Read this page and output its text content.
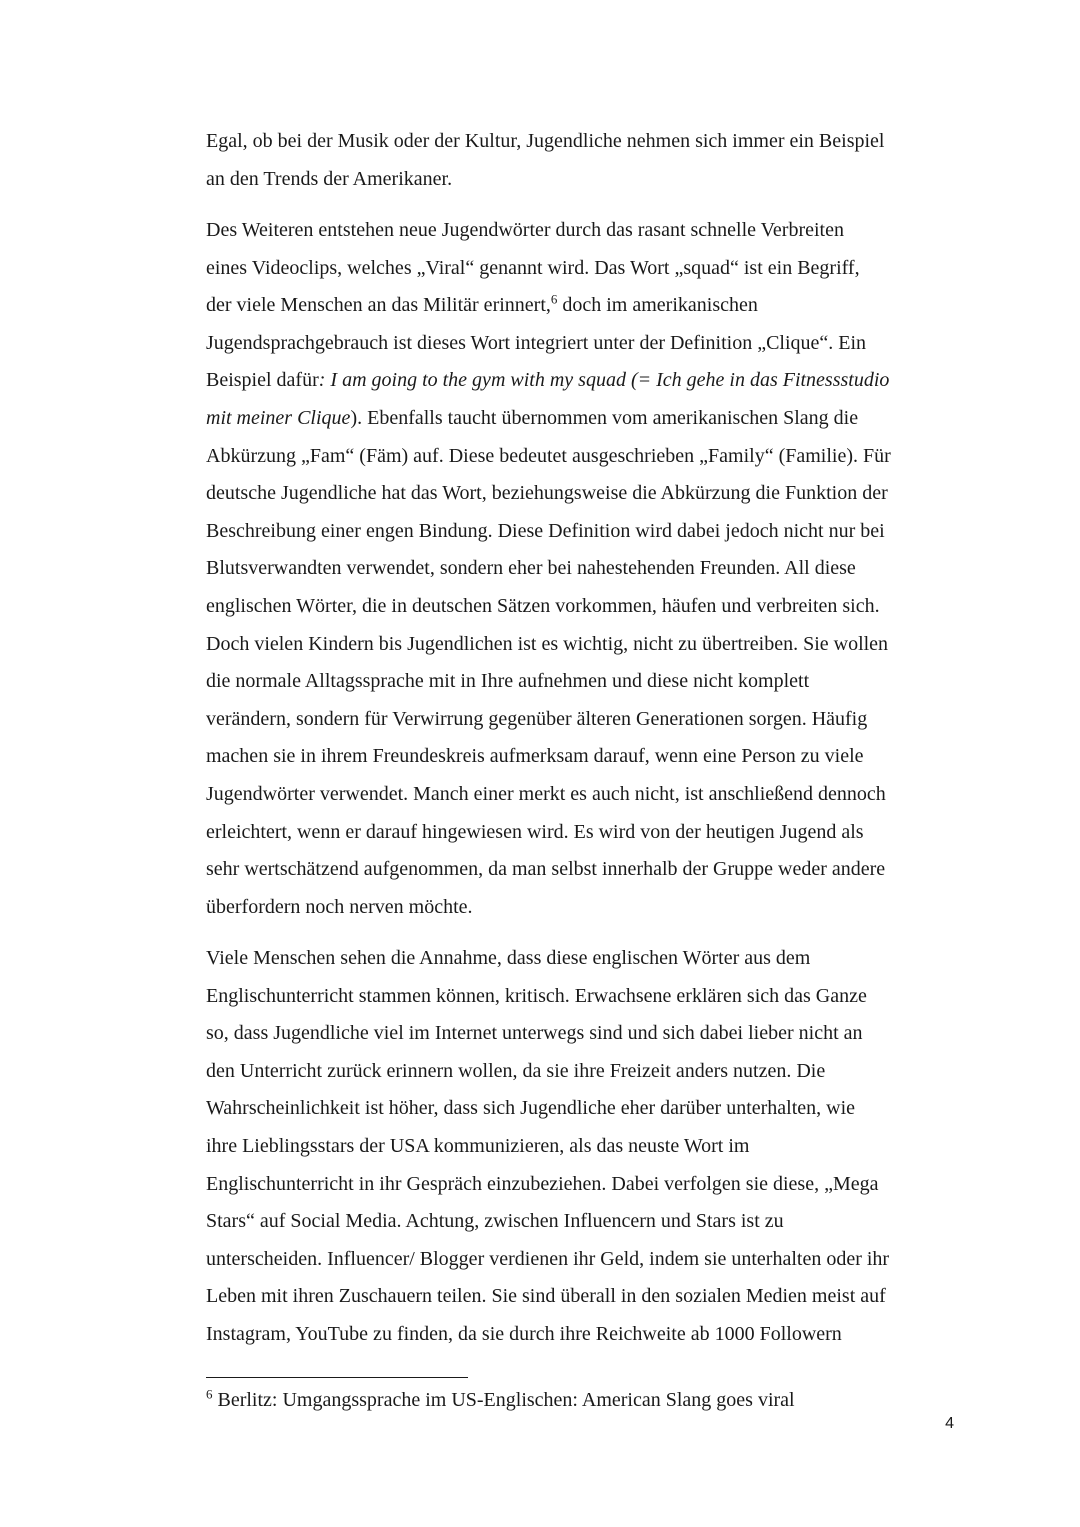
Egal, ob bei der Musik oder der Kultur, Jugendliche nehmen sich immer ein Beispiel
an den Trends der Amerikaner.
Des Weiteren entstehen neue Jugendwörter durch das rasant schnelle Verbreiten
eines Videoclips, welches „Viral“ genannt wird. Das Wort „squad“ ist ein Begriff,
der viele Menschen an das Militär erinnert,$^6$ doch im amerikanischen
Jugendsprachgebrauch ist dieses Wort integriert unter der Definition „Clique“. Ein
Beispiel dafür: I am going to the gym with my squad (= Ich gehe in das Fitnessstudio
mit meiner Clique). Ebenfalls taucht übernommen vom amerikanischen Slang die
Abkürzung „Fam“ (Fäm) auf. Diese bedeutet ausgeschrieben „Family“ (Familie). Für
deutsche Jugendliche hat das Wort, beziehungsweise die Abkürzung die Funktion der
Beschreibung einer engen Bindung. Diese Definition wird dabei jedoch nicht nur bei
Blutsverwandten verwendet, sondern eher bei nahestehenden Freunden. All diese
englischen Wörter, die in deutschen Sätzen vorkommen, häufen und verbreiten sich.
Doch vielen Kindern bis Jugendlichen ist es wichtig, nicht zu übertreiben. Sie wollen
die normale Alltagssprache mit in Ihre aufnehmen und diese nicht komplett
verändern, sondern für Verwirrung gegenüber älteren Generationen sorgen. Häufig
machen sie in ihrem Freundeskreis aufmerksam darauf, wenn eine Person zu viele
Jugendwörter verwendet. Manch einer merkt es auch nicht, ist anschließend dennoch
erleichtert, wenn er darauf hingewiesen wird. Es wird von der heutigen Jugend als
sehr wertschätzend aufgenommen, da man selbst innerhalb der Gruppe weder andere
überfordern noch nerven möchte.
Viele Menschen sehen die Annahme, dass diese englischen Wörter aus dem
Englischunterricht stammen können, kritisch. Erwachsene erklären sich das Ganze
so, dass Jugendliche viel im Internet unterwegs sind und sich dabei lieber nicht an
den Unterricht zurück erinnern wollen, da sie ihre Freizeit anders nutzen. Die
Wahrscheinlichkeit ist höher, dass sich Jugendliche eher darüber unterhalten, wie
ihre Lieblingsstars der USA kommunizieren, als das neuste Wort im
Englischunterricht in ihr Gespräch einzubeziehen. Dabei verfolgen sie diese, „Mega
Stars“ auf Social Media. Achtung, zwischen Influencern und Stars ist zu
unterscheiden. Influencer/ Blogger verdienen ihr Geld, indem sie unterhalten oder ihr
Leben mit ihren Zuschauern teilen. Sie sind überall in den sozialen Medien meist auf
Instagram, YouTube zu finden, da sie durch ihre Reichweite ab 1000 Followern
$^6$ Berlitz: Umgangssprache im US-Englischen: American Slang goes viral
4
